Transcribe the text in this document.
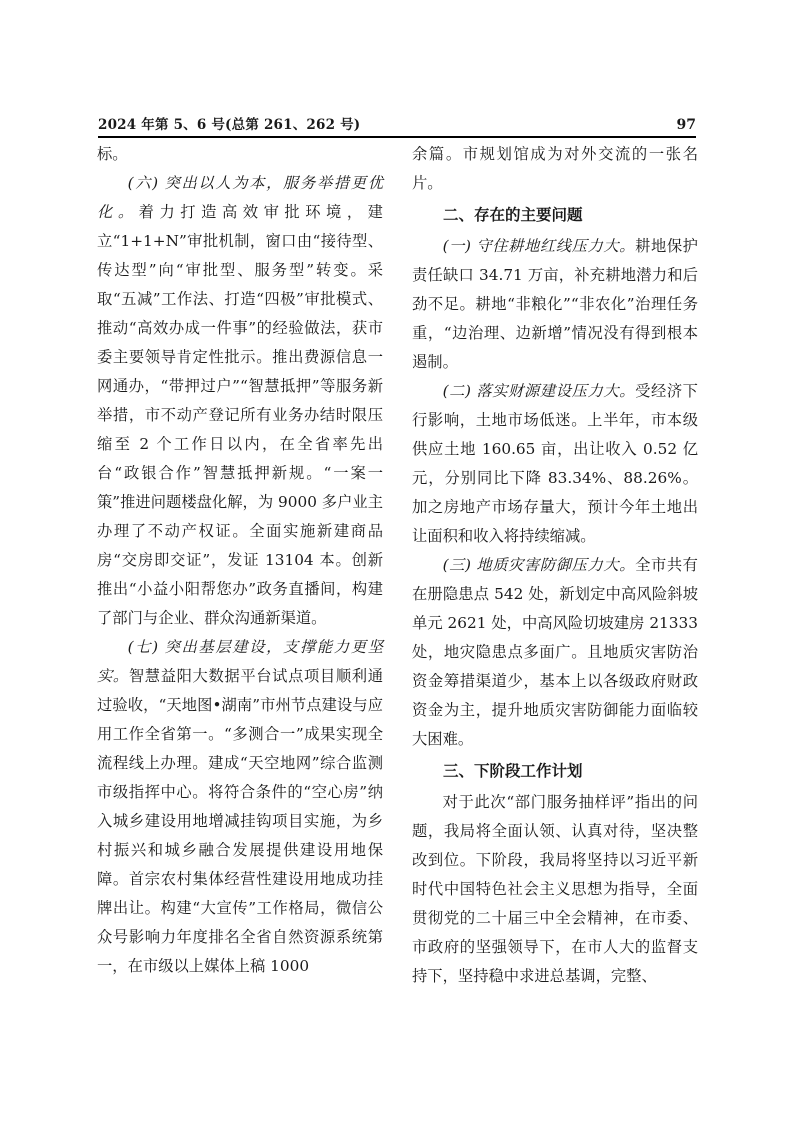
2024 年第 5、6 号(总第 261、262 号)	97

标。

(六) 突出以人为本，服务举措更优化。着力打造高效审批环境，建立“1+1+N”审批机制，窗口由“接待型、传达型”向“审批型、服务型”转变。采取“五减”工作法、打造“四极”审批模式、推动“高效办成一件事”的经验做法，获市委主要领导肯定性批示。推出费源信息一网通办，“带押过户”“智慧抵押”等服务新举措，市不动产登记所有业务办结时限压缩至 2 个工作日以内，在全省率先出台“政银合作”智慧抵押新规。“一案一策”推进问题楼盘化解，为 9000 多户业主办理了不动产权证。全面实施新建商品房“交房即交证”，发证 13104 本。创新推出“小益小阳帮您办”政务直播间，构建了部门与企业、群众沟通新渠道。

(七) 突出基层建设，支撑能力更坚实。智慧益阳大数据平台试点项目顺利通过验收，“天地图•湖南”市州节点建设与应用工作全省第一。“多测合一”成果实现全流程线上办理。建成“天空地网”综合监测市级指挥中心。将符合条件的“空心房”纳入城乡建设用地增减挂钩项目实施，为乡村振兴和城乡融合发展提供建设用地保障。首宗农村集体经营性建设用地成功挂牌出让。构建“大宣传”工作格局，微信公众号影响力年度排名全省自然资源系统第一，在市级以上媒体上稿 1000

余篇。市规划馆成为对外交流的一张名片。

二、存在的主要问题

(一) 守住耕地红线压力大。耕地保护责任缺口 34.71 万亩，补充耕地潜力和后劲不足。耕地“非粮化”“非农化”治理任务重，“边治理、边新增”情况没有得到根本遏制。

(二) 落实财源建设压力大。受经济下行影响，土地市场低迷。上半年，市本级供应土地 160.65 亩，出让收入 0.52 亿元，分别同比下降 83.34%、88.26%。加之房地产市场存量大，预计今年土地出让面积和收入将持续缩减。

(三) 地质灾害防御压力大。全市共有在册隐患点 542 处，新划定中高风险斜坡单元 2621 处，中高风险切坡建房 21333 处，地灾隐患点多面广。且地质灾害防治资金筹措渠道少，基本上以各级政府财政资金为主，提升地质灾害防御能力面临较大困难。

三、下阶段工作计划

对于此次“部门服务抽样评”指出的问题，我局将全面认领、认真对待，坚决整改到位。下阶段，我局将坚持以习近平新时代中国特色社会主义思想为指导，全面贯彻党的二十届三中全会精神，在市委、市政府的坚强领导下，在市人大的监督支持下，坚持稳中求进总基调，完整、
